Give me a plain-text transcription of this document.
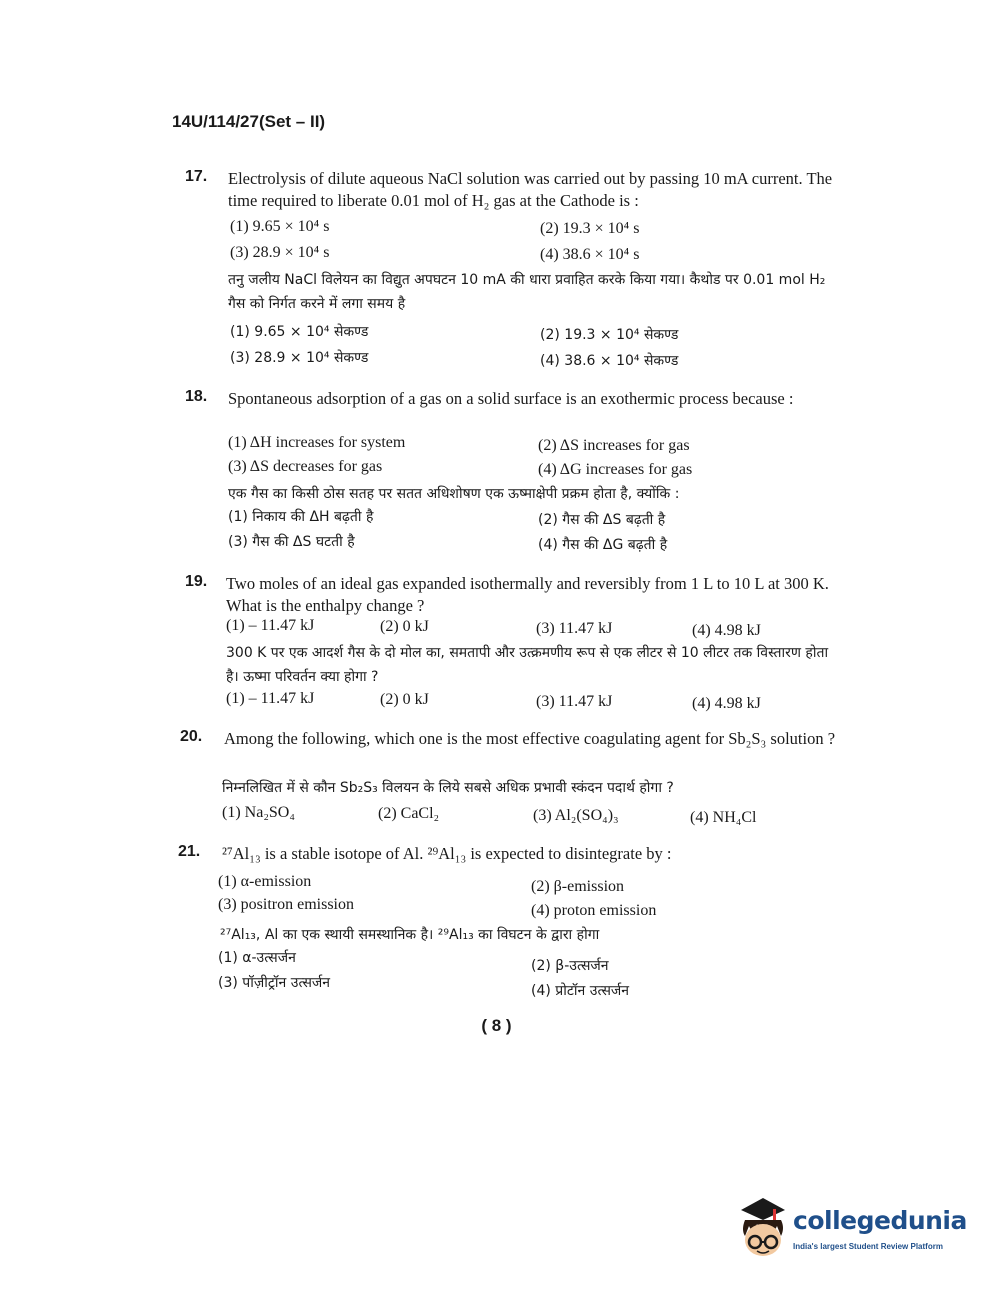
14U/114/27(Set – II)
17. Electrolysis of dilute aqueous NaCl solution was carried out by passing 10 mA current. The time required to liberate 0.01 mol of H₂ gas at the Cathode is :
(1) 9.65 × 10⁴ s	(2) 19.3 × 10⁴ s
(3) 28.9 × 10⁴ s	(4) 38.6 × 10⁴ s
तनु जलीय NaCl विलेयन का विद्युत अपघटन 10 mA की धारा प्रवाहित करके किया गया। कैथोड पर 0.01 mol H₂ गैस को निर्गत करने में लगा समय है
(1) 9.65 × 10⁴ सेकण्ड	(2) 19.3 × 10⁴ सेकण्ड
(3) 28.9 × 10⁴ सेकण्ड	(4) 38.6 × 10⁴ सेकण्ड
18. Spontaneous adsorption of a gas on a solid surface is an exothermic process because :
(1) ΔH increases for system	(2) ΔS increases for gas
(3) ΔS decreases for gas	(4) ΔG increases for gas
एक गैस का किसी ठोस सतह पर सतत अधिशोषण एक ऊष्माक्षेपी प्रक्रम होता है, क्योंकि :
(1) निकाय की ΔH बढ़ती है	(2) गैस की ΔS बढ़ती है
(3) गैस की ΔS घटती है	(4) गैस की ΔG बढ़ती है
19. Two moles of an ideal gas expanded isothermally and reversibly from 1 L to 10 L at 300 K. What is the enthalpy change ?
(1) – 11.47 kJ	(2) 0 kJ	(3) 11.47 kJ	(4) 4.98 kJ
300 K पर एक आदर्श गैस के दो मोल का, समतापी और उत्क्रमणीय रूप से एक लीटर से 10 लीटर तक विस्तारण होता है। ऊष्मा परिवर्तन क्या होगा ?
(1) – 11.47 kJ	(2) 0 kJ	(3) 11.47 kJ	(4) 4.98 kJ
20. Among the following, which one is the most effective coagulating agent for Sb₂S₃ solution ?
निम्नलिखित में से कौन Sb₂S₃ विलयन के लिये सबसे अधिक प्रभावी स्कंदन पदार्थ होगा ?
(1) Na₂SO₄	(2) CaCl₂	(3) Al₂(SO₄)₃	(4) NH₄Cl
21. ²⁷Al₁₃ is a stable isotope of Al. ²⁹Al₁₃ is expected to disintegrate by :
(1) α-emission	(2) β-emission
(3) positron emission	(4) proton emission
²⁷Al₁₃, Al का एक स्थायी समस्थानिक है। ²⁹Al₁₃ का विघटन के द्वारा होगा
(1) α-उत्सर्जन	(2) β-उत्सर्जन
(3) पॉज़ीट्रॉन उत्सर्जन	(4) प्रोटॉन उत्सर्जन
( 8 )
collegedunia
India's largest Student Review Platform
